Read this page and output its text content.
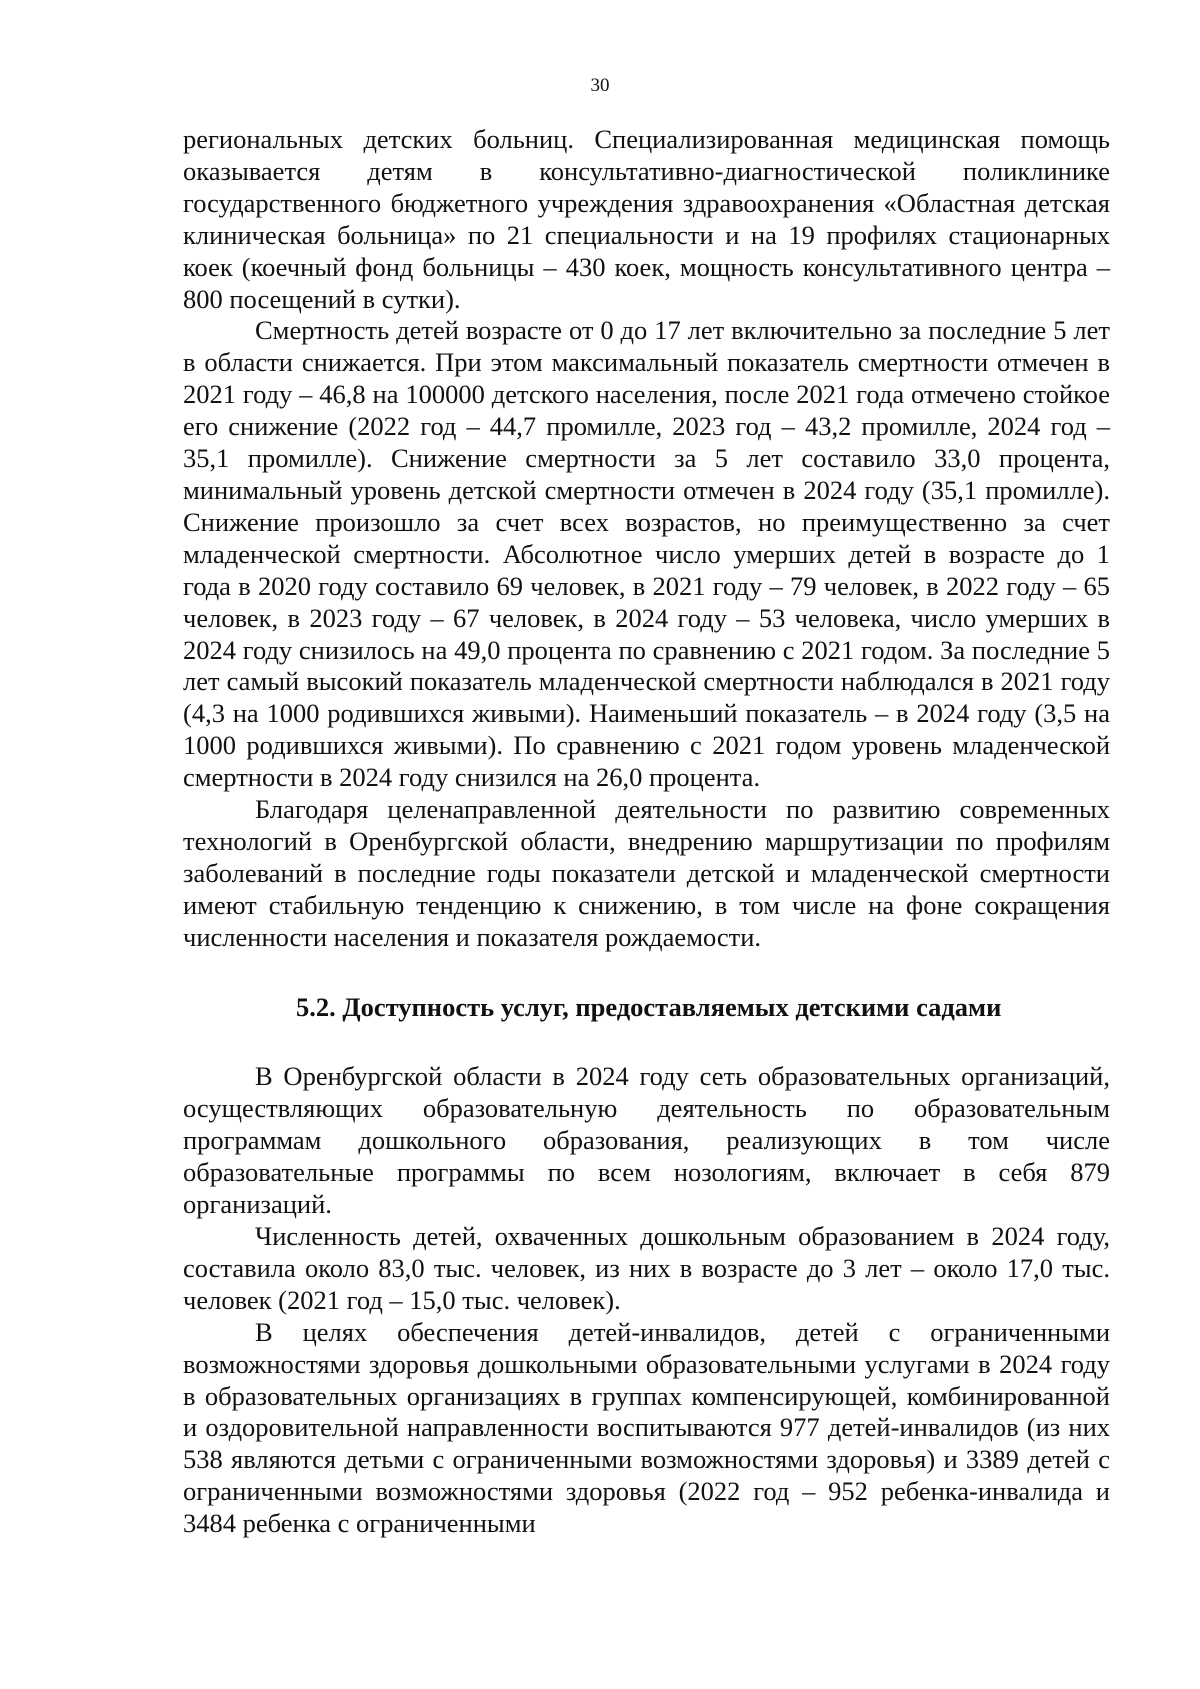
30

региональных детских больниц. Специализированная медицинская помощь оказывается детям в консультативно-диагностической поликлинике государственного бюджетного учреждения здравоохранения «Областная детская клиническая больница» по 21 специальности и на 19 профилях стационарных коек (коечный фонд больницы – 430 коек, мощность консультативного центра – 800 посещений в сутки).

Смертность детей возрасте от 0 до 17 лет включительно за последние 5 лет в области снижается. При этом максимальный показатель смертности отмечен в 2021 году – 46,8 на 100000 детского населения, после 2021 года отмечено стойкое его снижение (2022 год – 44,7 промилле, 2023 год – 43,2 промилле, 2024 год – 35,1 промилле). Снижение смертности за 5 лет составило 33,0 процента, минимальный уровень детской смертности отмечен в 2024 году (35,1 промилле). Снижение произошло за счет всех возрастов, но преимущественно за счет младенческой смертности. Абсолютное число умерших детей в возрасте до 1 года в 2020 году составило 69 человек, в 2021 году – 79 человек, в 2022 году – 65 человек, в 2023 году – 67 человек, в 2024 году – 53 человека, число умерших в 2024 году снизилось на 49,0 процента по сравнению с 2021 годом. За последние 5 лет самый высокий показатель младенческой смертности наблюдался в 2021 году (4,3 на 1000 родившихся живыми). Наименьший показатель – в 2024 году (3,5 на 1000 родившихся живыми). По сравнению с 2021 годом уровень младенческой смертности в 2024 году снизился на 26,0 процента.

Благодаря целенаправленной деятельности по развитию современных технологий в Оренбургской области, внедрению маршрутизации по профилям заболеваний в последние годы показатели детской и младенческой смертности имеют стабильную тенденцию к снижению, в том числе на фоне сокращения численности населения и показателя рождаемости.

5.2. Доступность услуг, предоставляемых детскими садами

В Оренбургской области в 2024 году сеть образовательных организаций, осуществляющих образовательную деятельность по образовательным программам дошкольного образования, реализующих в том числе образовательные программы по всем нозологиям, включает в себя 879 организаций.

Численность детей, охваченных дошкольным образованием в 2024 году, составила около 83,0 тыс. человек, из них в возрасте до 3 лет – около 17,0 тыс. человек (2021 год – 15,0 тыс. человек).

В целях обеспечения детей-инвалидов, детей с ограниченными возможностями здоровья дошкольными образовательными услугами в 2024 году в образовательных организациях в группах компенсирующей, комбинированной и оздоровительной направленности воспитываются 977 детей-инвалидов (из них 538 являются детьми с ограниченными возможностями здоровья) и 3389 детей с ограниченными возможностями здоровья (2022 год – 952 ребенка-инвалида и 3484 ребенка с ограниченными
